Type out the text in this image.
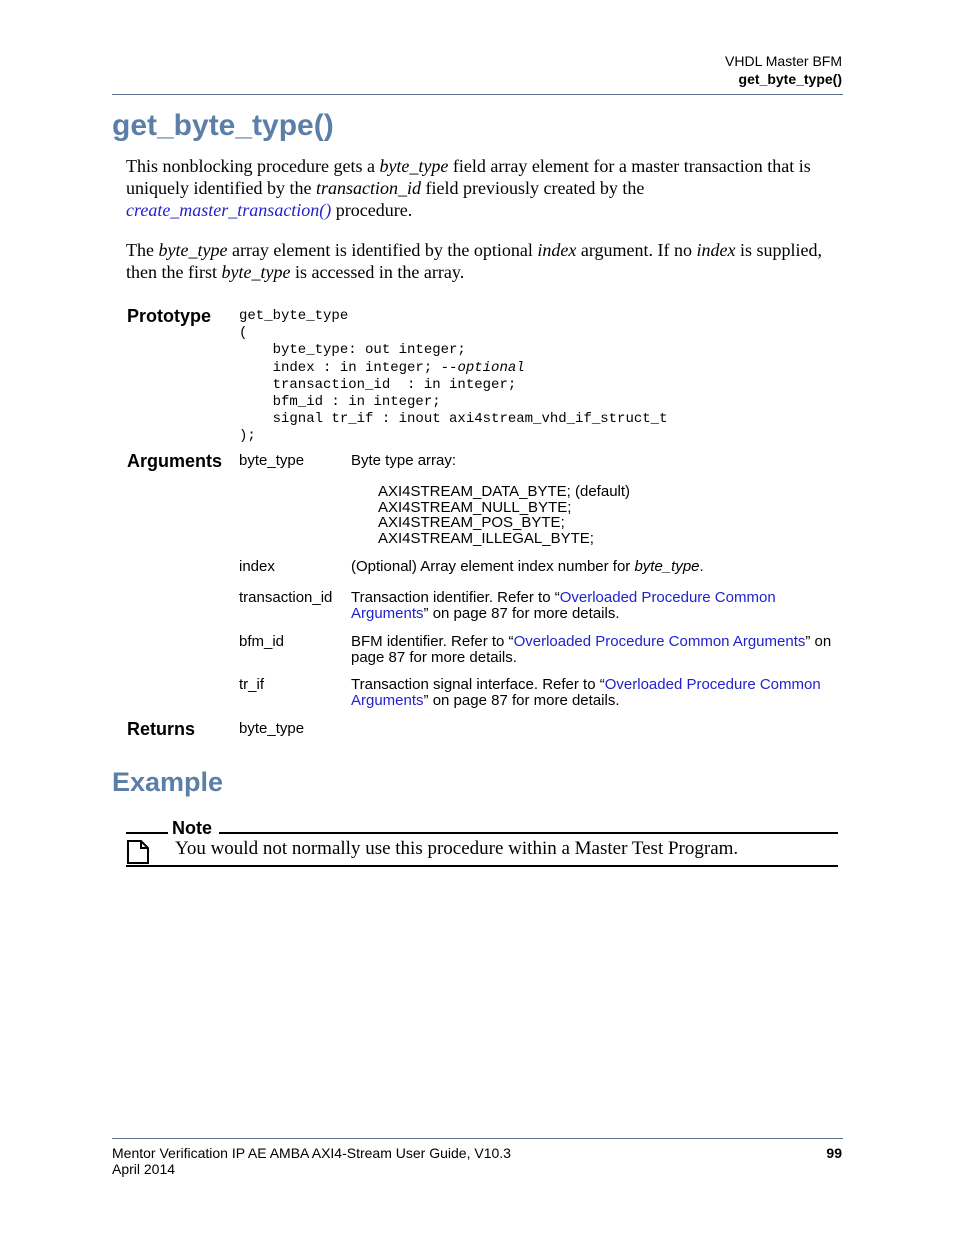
VHDL Master BFM
get_byte_type()
get_byte_type()
This nonblocking procedure gets a byte_type field array element for a master transaction that is uniquely identified by the transaction_id field previously created by the
create_master_transaction() procedure.
The byte_type array element is identified by the optional index argument. If no index is supplied, then the first byte_type is accessed in the array.
Prototype get_byte_type
(
byte_type: out integer;
index : in integer; --optional
transaction_id  : in integer;
bfm_id : in integer;
signal tr_if : inout axi4stream_vhd_if_struct_t
);
Arguments byte_type	Byte type array:
AXI4STREAM_DATA_BYTE; (default)
AXI4STREAM_NULL_BYTE;
AXI4STREAM_POS_BYTE;
AXI4STREAM_ILLEGAL_BYTE;
index	(Optional) Array element index number for byte_type.
transaction_id Transaction identifier. Refer to “Overloaded Procedure Common Arguments” on page 87 for more details.
bfm_id	BFM identifier. Refer to “Overloaded Procedure Common Arguments” on page 87 for more details.
tr_if	Transaction signal interface. Refer to “Overloaded Procedure Common Arguments” on page 87 for more details.
Returns	byte_type
Example
Note
You would not normally use this procedure within a Master Test Program.
Mentor Verification IP AE AMBA AXI4-Stream User Guide, V10.3
April 2014
99
